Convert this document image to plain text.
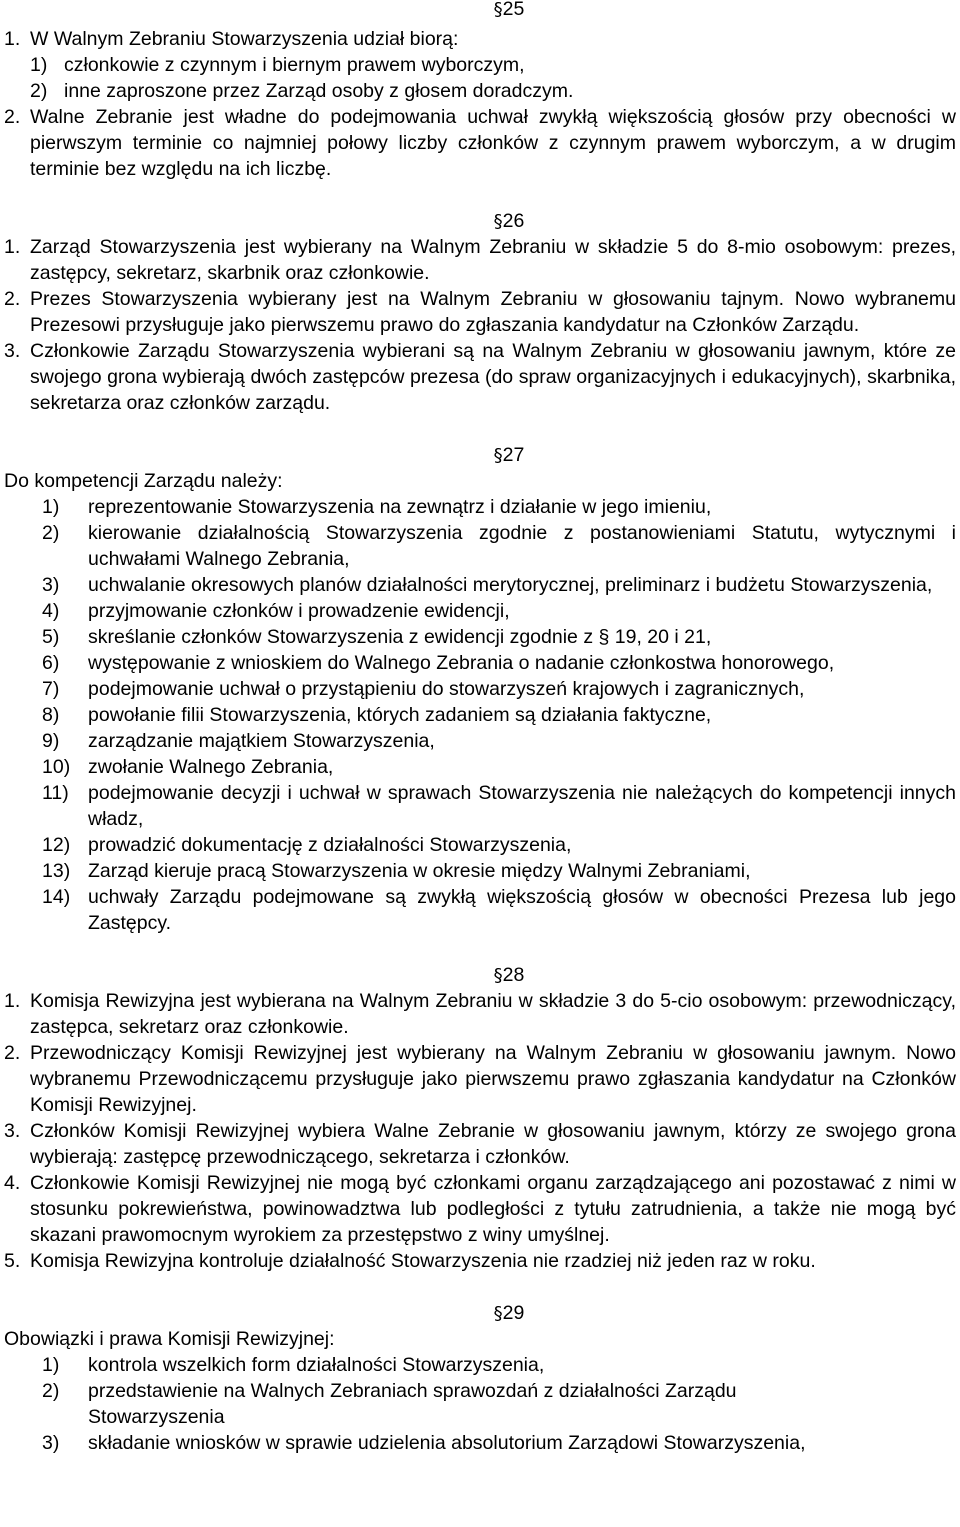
§25
1. W Walnym Zebraniu Stowarzyszenia udział biorą:
1) członkowie z czynnym i biernym prawem wyborczym,
2) inne zaproszone przez Zarząd osoby z głosem doradczym.
2. Walne Zebranie jest władne do podejmowania uchwał zwykłą większością głosów przy obecności w pierwszym terminie co najmniej połowy liczby członków z czynnym prawem wyborczym, a w drugim terminie bez względu na ich liczbę.
§26
1. Zarząd Stowarzyszenia jest wybierany na Walnym Zebraniu w składzie 5 do 8-mio osobowym: prezes, zastępcy, sekretarz, skarbnik oraz członkowie.
2. Prezes Stowarzyszenia wybierany jest na Walnym Zebraniu w głosowaniu tajnym. Nowo wybranemu Prezesowi przysługuje jako pierwszemu prawo do zgłaszania kandydatur na Członków Zarządu.
3. Członkowie Zarządu Stowarzyszenia wybierani są na Walnym Zebraniu w głosowaniu jawnym, które ze swojego grona wybierają dwóch zastępców prezesa (do spraw organizacyjnych i edukacyjnych), skarbnika, sekretarza oraz członków zarządu.
§27
Do kompetencji Zarządu należy:
1)	reprezentowanie Stowarzyszenia na zewnątrz i działanie w jego imieniu,
2)	kierowanie działalnością Stowarzyszenia zgodnie z postanowieniami Statutu, wytycznymi i uchwałami Walnego Zebrania,
3)	uchwalanie okresowych planów działalności merytorycznej, preliminarz i budżetu Stowarzyszenia,
4)	przyjmowanie członków i prowadzenie ewidencji,
5)	skreślanie członków Stowarzyszenia z ewidencji zgodnie z § 19, 20 i 21,
6)	występowanie z wnioskiem do Walnego Zebrania o nadanie członkostwa honorowego,
7)	podejmowanie uchwał o przystąpieniu do stowarzyszeń krajowych i zagranicznych,
8)	powołanie filii Stowarzyszenia, których zadaniem są działania faktyczne,
9)	zarządzanie majątkiem Stowarzyszenia,
10) zwołanie Walnego Zebrania,
11) podejmowanie decyzji i uchwał w sprawach Stowarzyszenia nie należących do kompetencji innych władz,
12) prowadzić dokumentację z działalności Stowarzyszenia,
13) Zarząd kieruje pracą Stowarzyszenia w okresie między Walnymi Zebraniami,
14) uchwały Zarządu podejmowane są zwykłą większością głosów w obecności Prezesa lub jego Zastępcy.
§28
1. Komisja Rewizyjna jest wybierana na Walnym Zebraniu w składzie 3 do 5-cio osobowym: przewodniczący, zastępca, sekretarz oraz członkowie.
2. Przewodniczący Komisji Rewizyjnej jest wybierany na Walnym Zebraniu w głosowaniu jawnym. Nowo wybranemu Przewodniczącemu przysługuje jako pierwszemu prawo zgłaszania kandydatur na Członków Komisji Rewizyjnej.
3. Członków Komisji Rewizyjnej wybiera Walne Zebranie w głosowaniu jawnym, którzy ze swojego grona wybierają: zastępcę przewodniczącego, sekretarza i członków.
4. Członkowie Komisji Rewizyjnej nie mogą być członkami organu zarządzającego ani pozostawać z nimi w stosunku pokrewieństwa, powinowadztwa lub podległości z tytułu zatrudnienia, a także nie mogą być skazani prawomocnym wyrokiem za przestępstwo z winy umyślnej.
5. Komisja Rewizyjna kontroluje działalność Stowarzyszenia nie rzadziej niż jeden raz w roku.
§29
Obowiązki i prawa Komisji Rewizyjnej:
1)	kontrola wszelkich form działalności Stowarzyszenia,
2)	przedstawienie na Walnych Zebraniach sprawozdań z działalności Zarządu Stowarzyszenia
3)	składanie wniosków w sprawie udzielenia absolutorium Zarządowi Stowarzyszenia,
